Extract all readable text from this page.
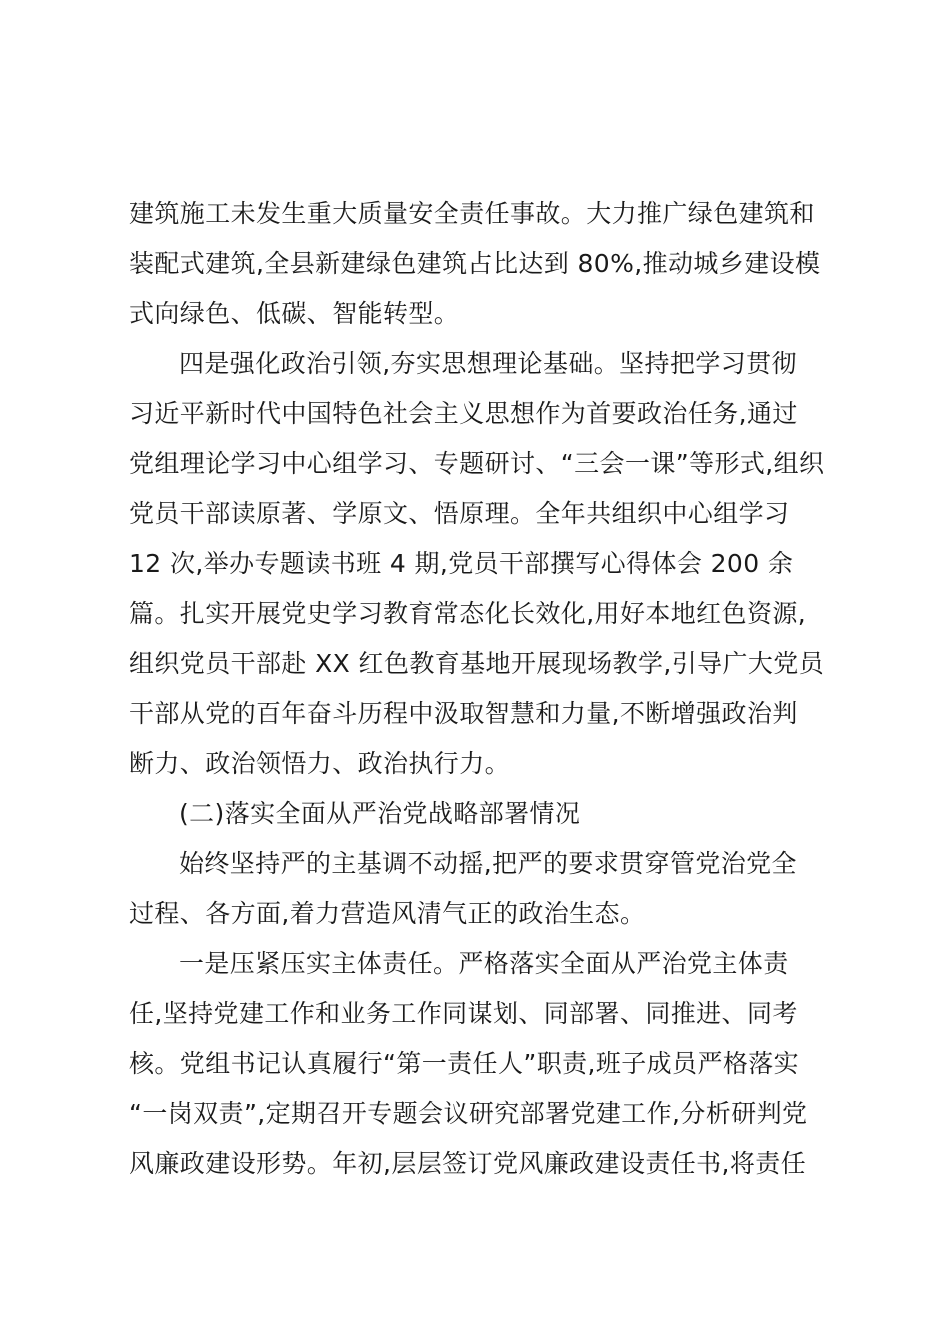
建筑施工未发生重大质量安全责任事故。大力推广绿色建筑和
装配式建筑,全县新建绿色建筑占比达到 80%,推动城乡建设模
式向绿色、低碳、智能转型。
四是强化政治引领,夯实思想理论基础。坚持把学习贯彻
习近平新时代中国特色社会主义思想作为首要政治任务,通过
党组理论学习中心组学习、专题研讨、“三会一课”等形式,组织
党员干部读原著、学原文、悟原理。全年共组织中心组学习
12 次,举办专题读书班 4 期,党员干部撰写心得体会 200 余
篇。扎实开展党史学习教育常态化长效化,用好本地红色资源,
组织党员干部赴 XX 红色教育基地开展现场教学,引导广大党员
干部从党的百年奋斗历程中汲取智慧和力量,不断增强政治判
断力、政治领悟力、政治执行力。
(二)落实全面从严治党战略部署情况
始终坚持严的主基调不动摇,把严的要求贯穿管党治党全
过程、各方面,着力营造风清气正的政治生态。
一是压紧压实主体责任。严格落实全面从严治党主体责
任,坚持党建工作和业务工作同谋划、同部署、同推进、同考
核。党组书记认真履行“第一责任人”职责,班子成员严格落实
“一岗双责”,定期召开专题会议研究部署党建工作,分析研判党
风廉政建设形势。年初,层层签订党风廉政建设责任书,将责任
